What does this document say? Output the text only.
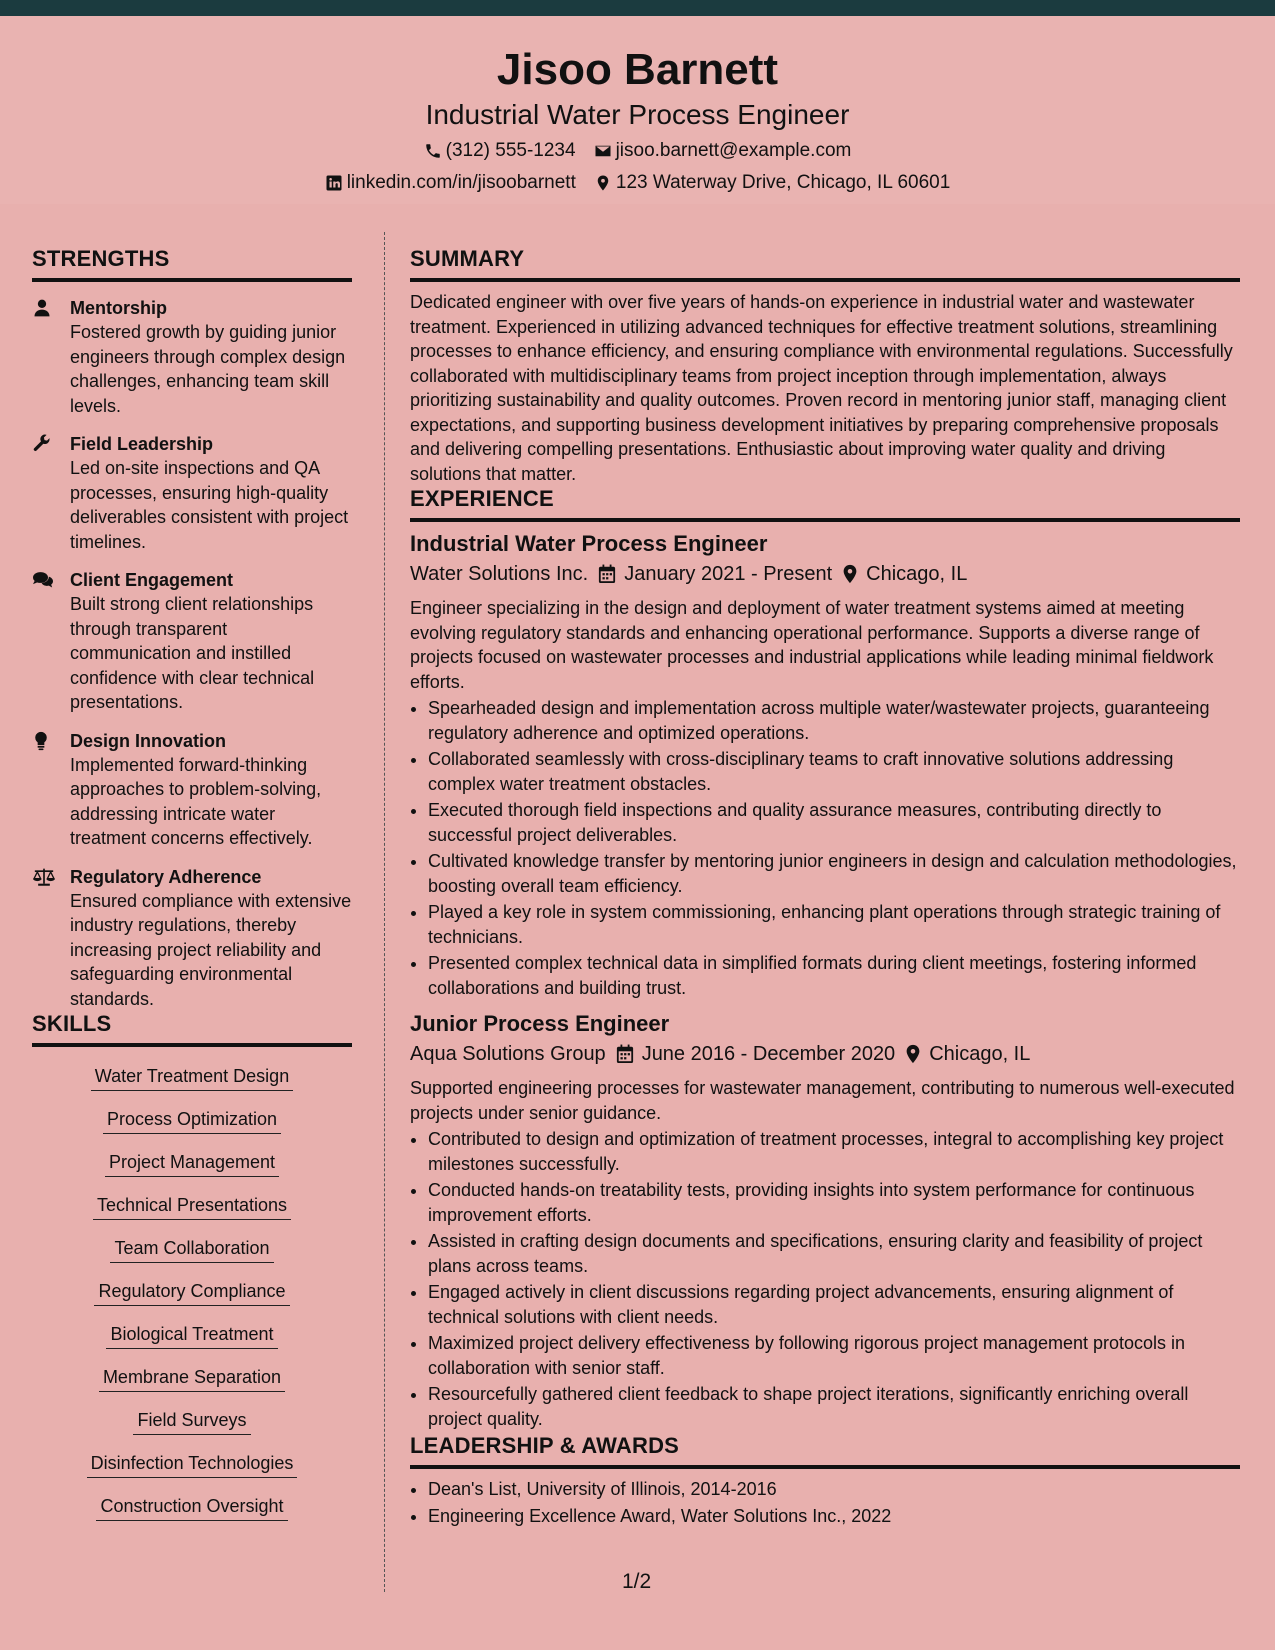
Jisoo Barnett
Industrial Water Process Engineer
(312) 555-1234 jisoo.barnett@example.com
linkedin.com/in/jisoobarnett 123 Waterway Drive, Chicago, IL 60601
STRENGTHS
Mentorship
Fostered growth by guiding junior engineers through complex design challenges, enhancing team skill levels.
Field Leadership
Led on-site inspections and QA processes, ensuring high-quality deliverables consistent with project timelines.
Client Engagement
Built strong client relationships through transparent communication and instilled confidence with clear technical presentations.
Design Innovation
Implemented forward-thinking approaches to problem-solving, addressing intricate water treatment concerns effectively.
Regulatory Adherence
Ensured compliance with extensive industry regulations, thereby increasing project reliability and safeguarding environmental standards.
SKILLS
Water Treatment Design
Process Optimization
Project Management
Technical Presentations
Team Collaboration
Regulatory Compliance
Biological Treatment
Membrane Separation
Field Surveys
Disinfection Technologies
Construction Oversight
SUMMARY

Dedicated engineer with over five years of hands-on experience in industrial water and wastewater treatment. Experienced in utilizing advanced techniques for effective treatment solutions, streamlining processes to enhance efficiency, and ensuring compliance with environmental regulations. Successfully collaborated with multidisciplinary teams from project inception through implementation, always prioritizing sustainability and quality outcomes. Proven record in mentoring junior staff, managing client expectations, and supporting business development initiatives by preparing comprehensive proposals and delivering compelling presentations. Enthusiastic about improving water quality and driving solutions that matter.

EXPERIENCE
Industrial Water Process Engineer
Water Solutions Inc. January 2021 - Present Chicago, IL

Engineer specializing in the design and deployment of water treatment systems aimed at meeting evolving regulatory standards and enhancing operational performance. Supports a diverse range of projects focused on wastewater processes and industrial applications while leading minimal fieldwork efforts.

• Spearheaded design and implementation across multiple water/wastewater projects, guaranteeing regulatory adherence and optimized operations.
• Collaborated seamlessly with cross-disciplinary teams to craft innovative solutions addressing complex water treatment obstacles.
• Executed thorough field inspections and quality assurance measures, contributing directly to successful project deliverables.
• Cultivated knowledge transfer by mentoring junior engineers in design and calculation methodologies, boosting overall team efficiency.
• Played a key role in system commissioning, enhancing plant operations through strategic training of technicians.
• Presented complex technical data in simplified formats during client meetings, fostering informed collaborations and building trust.
Junior Process Engineer
Aqua Solutions Group June 2016 - December 2020 Chicago, IL

Supported engineering processes for wastewater management, contributing to numerous well-executed projects under senior guidance.

• Contributed to design and optimization of treatment processes, integral to accomplishing key project milestones successfully.
• Conducted hands-on treatability tests, providing insights into system performance for continuous improvement efforts.
• Assisted in crafting design documents and specifications, ensuring clarity and feasibility of project plans across teams.
• Engaged actively in client discussions regarding project advancements, ensuring alignment of technical solutions with client needs.
• Maximized project delivery effectiveness by following rigorous project management protocols in collaboration with senior staff.
• Resourcefully gathered client feedback to shape project iterations, significantly enriching overall project quality.
LEADERSHIP & AWARDS
• Dean's List, University of Illinois, 2014-2016
• Engineering Excellence Award, Water Solutions Inc., 2022
1/2
